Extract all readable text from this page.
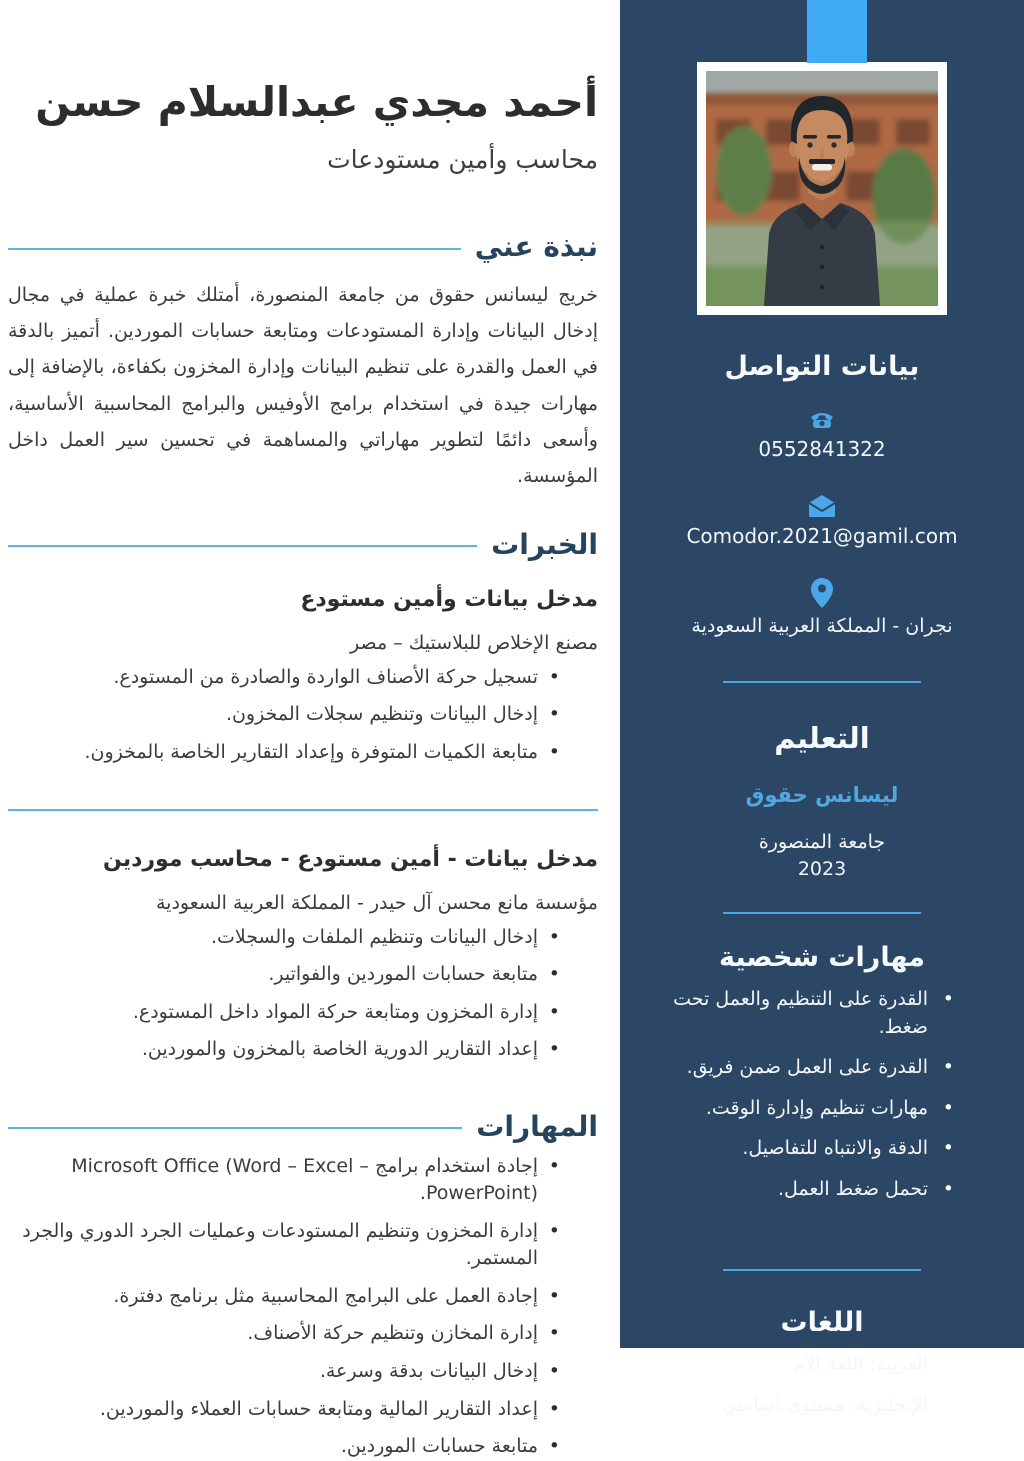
بيانات التواصل

0552841322

Comodor.2021@gamil.com

نجران - المملكة العربية السعودية

التعليم

ليسانس حقوق

جامعة المنصورة

2023

مهارات شخصية
• القدرة على التنظيم والعمل تحت ضغط.
• القدرة على العمل ضمن فريق.
• مهارات تنظيم وإدارة الوقت.
• الدقة والانتباه للتفاصيل.
• تحمل ضغط العمل.
اللغات
• العربية: اللغة الأم
• الإنجليزية: مستوى أساسي
أحمد مجدي عبدالسلام حسن

محاسب وأمين مستودعات

نبذة عني

خريج ليسانس حقوق من جامعة المنصورة، أمتلك خبرة عملية في مجال إدخال البيانات وإدارة المستودعات ومتابعة حسابات الموردين. أتميز بالدقة في العمل والقدرة على تنظيم البيانات وإدارة المخزون بكفاءة، بالإضافة إلى مهارات جيدة في استخدام برامج الأوفيس والبرامج المحاسبية الأساسية، وأسعى دائمًا لتطوير مهاراتي والمساهمة في تحسين سير العمل داخل المؤسسة.

الخبرات
مدخل بيانات وأمين مستودع

مصنع الإخلاص للبلاستيك – مصر

• تسجيل حركة الأصناف الواردة والصادرة من المستودع.
• إدخال البيانات وتنظيم سجلات المخزون.
• متابعة الكميات المتوفرة وإعداد التقارير الخاصة بالمخزون.
مدخل بيانات - أمين مستودع - محاسب موردين

مؤسسة مانع محسن آل حيدر - المملكة العربية السعودية

• إدخال البيانات وتنظيم الملفات والسجلات.
• متابعة حسابات الموردين والفواتير.
• إدارة المخزون ومتابعة حركة المواد داخل المستودع.
• إعداد التقارير الدورية الخاصة بالمخزون والموردين.
المهارات
• إجادة استخدام برامج Microsoft Office (Word – Excel – PowerPoint).
• إدارة المخزون وتنظيم المستودعات وعمليات الجرد الدوري والجرد المستمر.
• إجادة العمل على البرامج المحاسبية مثل برنامج دفترة.
• إدارة المخازن وتنظيم حركة الأصناف.
• إدخال البيانات بدقة وسرعة.
• إعداد التقارير المالية ومتابعة حسابات العملاء والموردين.
• متابعة حسابات الموردين.
